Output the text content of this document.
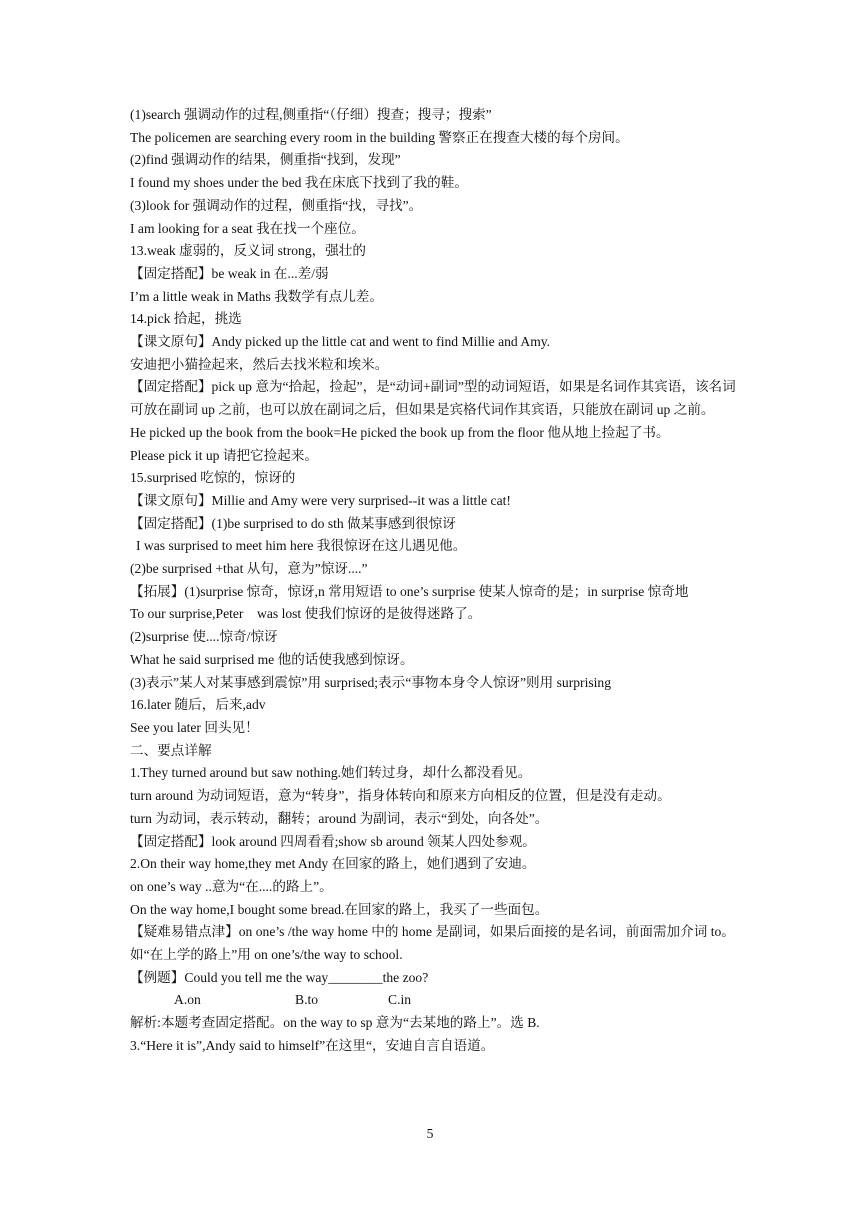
(1)search 强调动作的过程,侧重指“（仔细）搜查；搜寻；搜索”
The policemen are searching every room in the building 警察正在搜查大楼的每个房间。
(2)find 强调动作的结果，侧重指“找到，发现”
I found my shoes under the bed 我在床底下找到了我的鞋。
(3)look for 强调动作的过程，侧重指“找，寻找”。
I am looking for a seat 我在找一个座位。
13.weak 虚弱的，反义词 strong，强壮的
【固定搭配】be weak in 在...差/弱
I’m a little weak in Maths 我数学有点儿差。
14.pick 拾起，挑选
【课文原句】Andy picked up the little cat and went to find Millie and Amy.
安迪把小猫捡起来，然后去找米粒和埃米。
【固定搭配】pick up 意为“拾起，捡起”，是“动词+副词”型的动词短语，如果是名词作其宾语，该名词可放在副词 up 之前，也可以放在副词之后，但如果是宾格代词作其宾语，只能放在副词 up 之前。
He picked up the book from the book=He picked the book up from the floor 他从地上捡起了书。
Please pick it up 请把它捡起来。
15.surprised 吃惊的，惊讶的
【课文原句】Millie and Amy were very surprised--it was a little cat!
【固定搭配】(1)be surprised to do sth 做某事感到很惊讶
I was surprised to meet him here 我很惊讶在这儿遇见他。
(2)be surprised +that 从句，意为”惊讶....”
【拓展】(1)surprise 惊奇，惊讶,n 常用短语 to one’s surprise 使某人惊奇的是；in surprise 惊奇地
To our surprise,Peter    was lost 使我们惊讶的是彼得迷路了。
(2)surprise 使....惊奇/惊讶
What he said surprised me 他的话使我感到惊讶。
(3)表示”某人对某事感到震惊”用 surprised;表示“事物本身令人惊讶”则用 surprising
16.later 随后，后来,adv
See you later 回头见！
二、要点详解
1.They turned around but saw nothing.她们转过身，却什么都没看见。
turn around 为动词短语，意为“转身”，指身体转向和原来方向相反的位置，但是没有走动。
turn 为动词，表示转动，翻转；around 为副词，表示“到处，向各处”。
【固定搭配】look around 四周看看;show sb around 领某人四处参观。
2.On their way home,they met Andy 在回家的路上，她们遇到了安迪。
on one’s way ..意为“在....的路上”。
On the way home,I bought some bread.在回家的路上，我买了一些面包。
【疑难易错点津】on one’s /the way home 中的 home 是副词，如果后面接的是名词，前面需加介词 to。如“在上学的路上”用 on one’s/the way to school.
【例题】Could you tell me the way________the zoo?
A.on	B.to	C.in
解析:本题考查固定搭配。on the way to sp 意为“去某地的路上”。选 B.
3.“Here it is”,Andy said to himself”在这里“，安迪自言自语道。
5
